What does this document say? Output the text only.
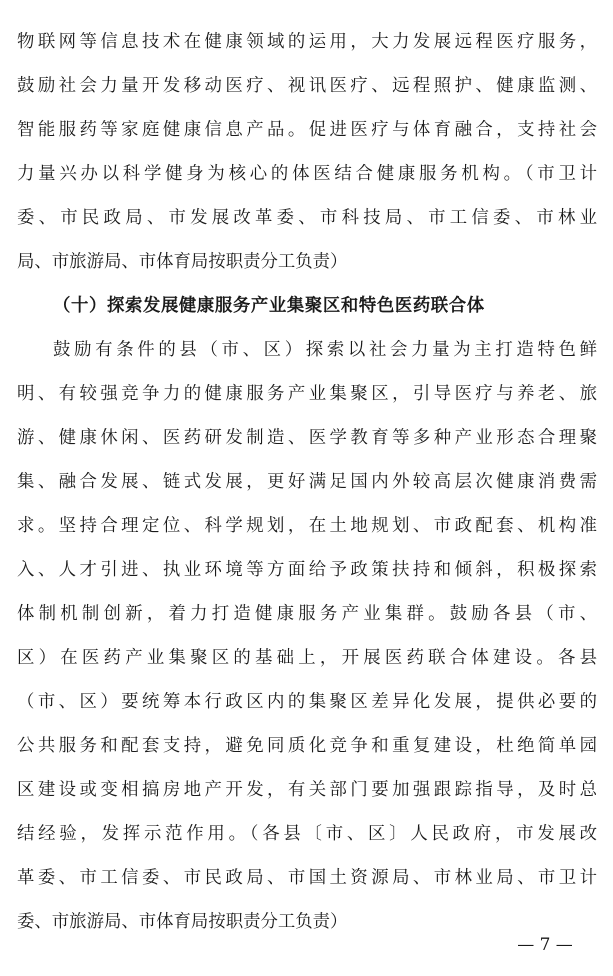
物联网等信息技术在健康领域的运用，大力发展远程医疗服务，
鼓励社会力量开发移动医疗、视讯医疗、远程照护、健康监测、
智能服药等家庭健康信息产品。促进医疗与体育融合，支持社会
力量兴办以科学健身为核心的体医结合健康服务机构。（市卫计
委、市民政局、市发展改革委、市科技局、市工信委、市林业
局、市旅游局、市体育局按职责分工负责）
（十）探索发展健康服务产业集聚区和特色医药联合体
鼓励有条件的县（市、区）探索以社会力量为主打造特色鲜
明、有较强竞争力的健康服务产业集聚区，引导医疗与养老、旅
游、健康休闲、医药研发制造、医学教育等多种产业形态合理聚
集、融合发展、链式发展，更好满足国内外较高层次健康消费需
求。坚持合理定位、科学规划，在土地规划、市政配套、机构准
入、人才引进、执业环境等方面给予政策扶持和倾斜，积极探索
体制机制创新，着力打造健康服务产业集群。鼓励各县（市、
区）在医药产业集聚区的基础上，开展医药联合体建设。各县
（市、区）要统筹本行政区内的集聚区差异化发展，提供必要的
公共服务和配套支持，避免同质化竞争和重复建设，杜绝简单园
区建设或变相搞房地产开发，有关部门要加强跟踪指导，及时总
结经验，发挥示范作用。（各县〔市、区〕人民政府，市发展改
革委、市工信委、市民政局、市国土资源局、市林业局、市卫计
委、市旅游局、市体育局按职责分工负责）
— 7 —
